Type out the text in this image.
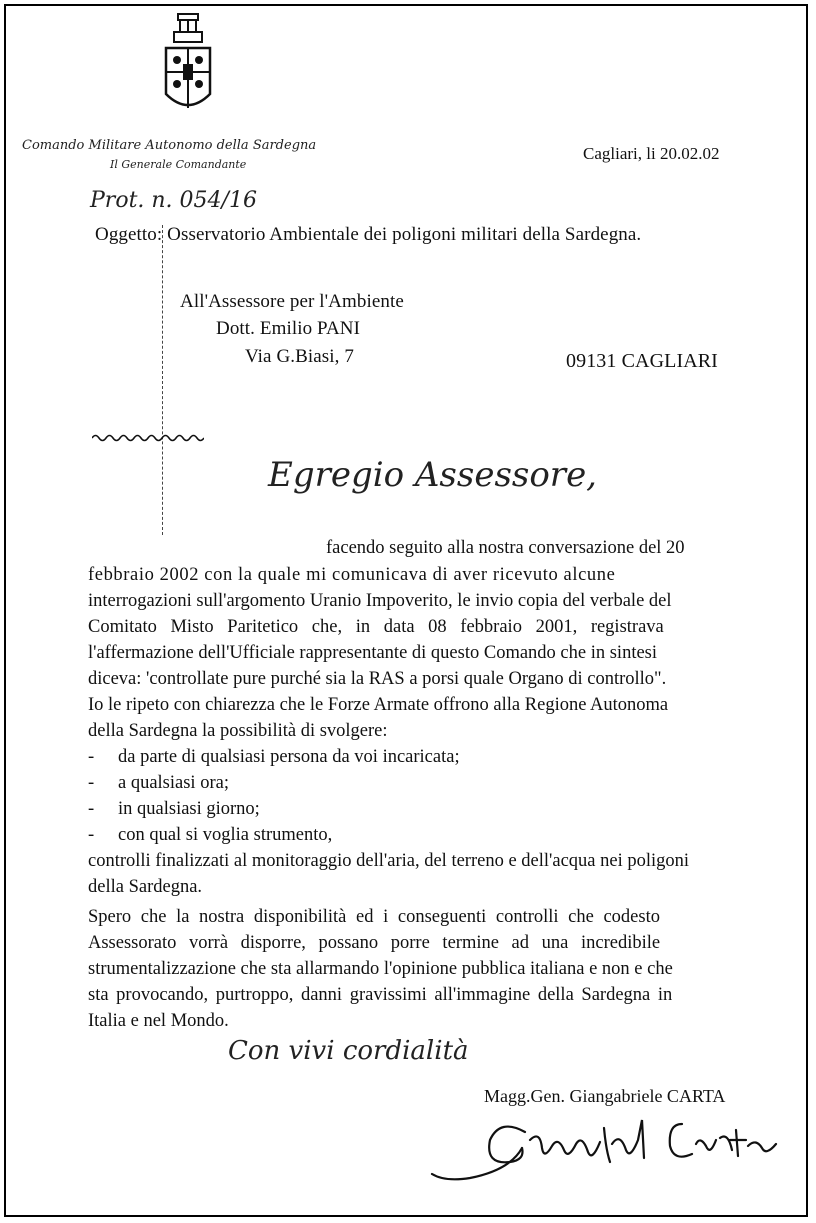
Comando Militare Autonomo della Sardegna
Il Generale Comandante
Cagliari, li 20.02.02
Prot. n. 054/16
Oggetto: Osservatorio Ambientale dei poligoni militari della Sardegna.
All'Assessore per l'Ambiente
Dott. Emilio PANI
Via G.Biasi, 7	09131 CAGLIARI
Egregio Assessore,
facendo seguito alla nostra conversazione del 20
febbraio 2002 con la quale mi comunicava di aver ricevuto alcune
interrogazioni sull'argomento Uranio Impoverito, le invio copia del verbale del
Comitato Misto Paritetico che, in data 08 febbraio 2001, registrava
l'affermazione dell'Ufficiale rappresentante di questo Comando che in sintesi
diceva: 'controllate pure purché sia la RAS a porsi quale Organo di controllo".
Io le ripeto con chiarezza che le Forze Armate offrono alla Regione Autonoma
della Sardegna la possibilità di svolgere:
- da parte di qualsiasi persona da voi incaricata;
- a qualsiasi ora;
- in qualsiasi giorno;
- con qual si voglia strumento,
controlli finalizzati al monitoraggio dell'aria, del terreno e dell'acqua nei poligoni
della Sardegna.
Spero che la nostra disponibilità ed i conseguenti controlli che codesto
Assessorato vorrà disporre, possano porre termine ad una incredibile
strumentalizzazione che sta allarmando l'opinione pubblica italiana e non e che
sta provocando, purtroppo, danni gravissimi all'immagine della Sardegna in
Italia e nel Mondo.
Con vivi cordialità
Magg.Gen. Giangabriele CARTA
